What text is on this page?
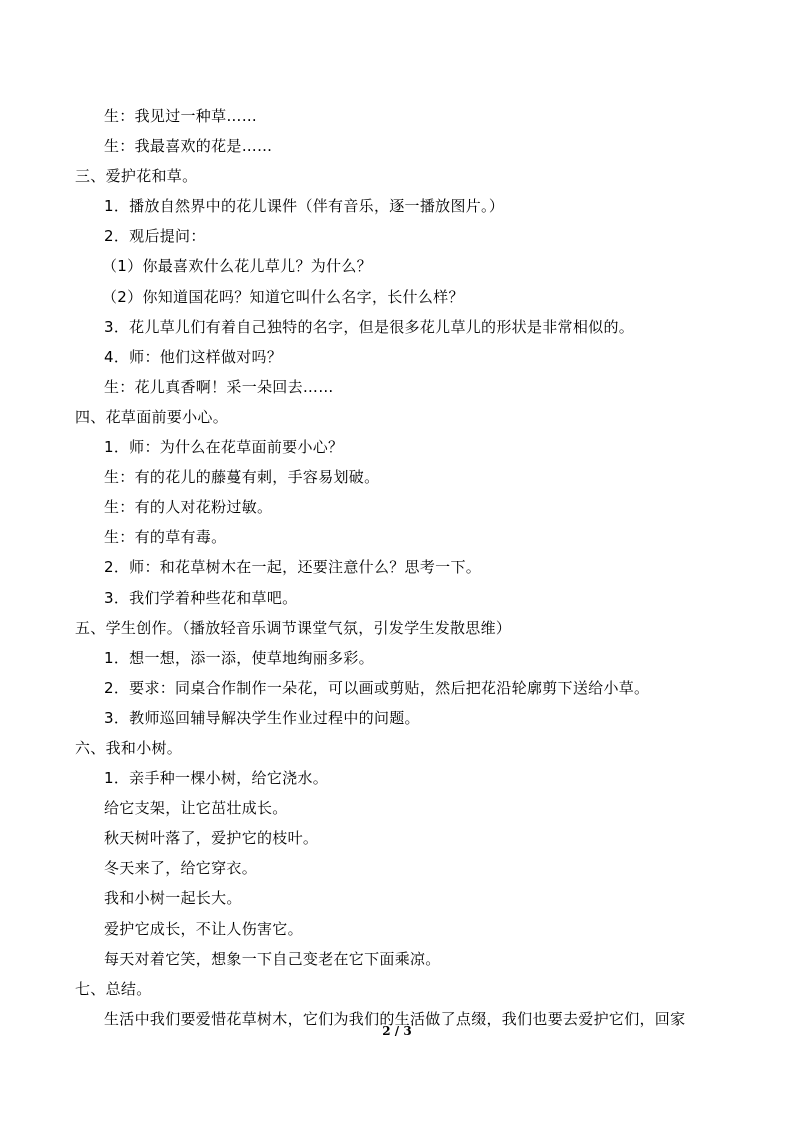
生：我见过一种草……
生：我最喜欢的花是……
三、爱护花和草。
1．播放自然界中的花儿课件（伴有音乐，逐一播放图片。）
2．观后提问：
（1）你最喜欢什么花儿草儿？为什么？
（2）你知道国花吗？知道它叫什么名字，长什么样？
3．花儿草儿们有着自己独特的名字，但是很多花儿草儿的形状是非常相似的。
4．师：他们这样做对吗？
生：花儿真香啊！采一朵回去……
四、花草面前要小心。
1．师：为什么在花草面前要小心？
生：有的花儿的藤蔓有刺，手容易划破。
生：有的人对花粉过敏。
生：有的草有毒。
2．师：和花草树木在一起，还要注意什么？思考一下。
3．我们学着种些花和草吧。
五、学生创作。（播放轻音乐调节课堂气氛，引发学生发散思维）
1．想一想，添一添，使草地绚丽多彩。
2．要求：同桌合作制作一朵花，可以画或剪贴，然后把花沿轮廓剪下送给小草。
3．教师巡回辅导解决学生作业过程中的问题。
六、我和小树。
1．亲手种一棵小树，给它浇水。
给它支架，让它茁壮成长。
秋天树叶落了，爱护它的枝叶。
冬天来了，给它穿衣。
我和小树一起长大。
爱护它成长，不让人伤害它。
每天对着它笑，想象一下自己变老在它下面乘凉。
七、总结。
生活中我们要爱惜花草树木，它们为我们的生活做了点缀，我们也要去爱护它们，回家
2 / 3
